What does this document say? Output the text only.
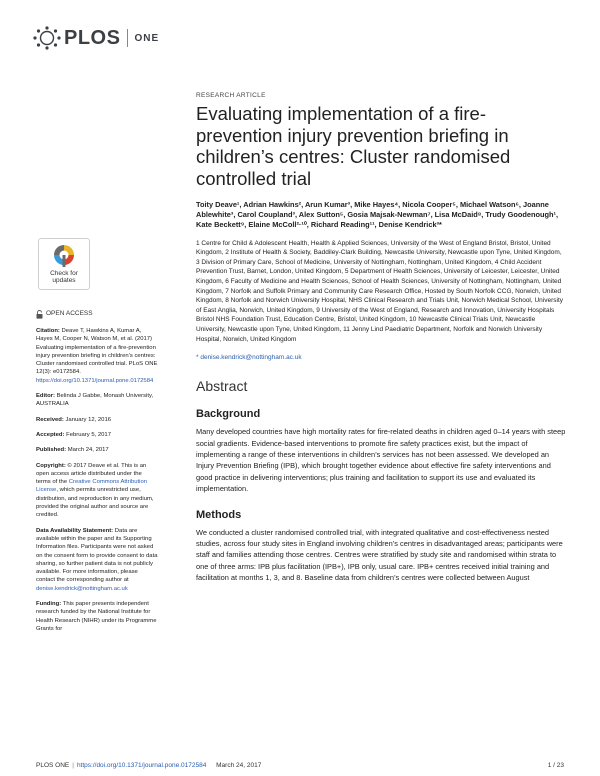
PLOS ONE
Check for
updates
OPEN ACCESS
Citation: Deave T, Hawkins A, Kumar A, Hayes M, Cooper N, Watson M, et al. (2017) Evaluating implementation of a fire-prevention injury prevention briefing in children’s centres: Cluster randomised controlled trial. PLoS ONE 12(3): e0172584. https://doi.org/10.1371/journal.pone.0172584
Editor: Belinda J Gabbe, Monash University, AUSTRALIA
Received: January 12, 2016
Accepted: February 5, 2017
Published: March 24, 2017
Copyright: © 2017 Deave et al. This is an open access article distributed under the terms of the Creative Commons Attribution License, which permits unrestricted use, distribution, and reproduction in any medium, provided the original author and source are credited.
Data Availability Statement: Data are available within the paper and its Supporting Information files. Participants were not asked on the consent form to provide consent to data sharing, so further patient data is not publicly available. For more information, please contact the corresponding author at denise.kendrick@nottingham.ac.uk
Funding: This paper presents independent research funded by the National Institute for Health Research (NIHR) under its Programme Grants for
RESEARCH ARTICLE
Evaluating implementation of a fire-prevention injury prevention briefing in children’s centres: Cluster randomised controlled trial
Toity Deave¹, Adrian Hawkins², Arun Kumar³, Mike Hayes⁴, Nicola Cooper⁵, Michael Watson⁶, Joanne Ablewhite³, Carol Coupland³, Alex Sutton⁵, Gosia Majsak-Newman⁷, Lisa McDaid⁸, Trudy Goodenough¹, Kate Beckett⁹, Elaine McColl²·¹⁰, Richard Reading¹¹, Denise Kendrick³*
1 Centre for Child & Adolescent Health, Health & Applied Sciences, University of the West of England Bristol, Bristol, United Kingdom, 2 Institute of Health & Society, Baddiley-Clark Building, Newcastle University, Newcastle upon Tyne, United Kingdom, 3 Division of Primary Care, School of Medicine, University of Nottingham, Nottingham, United Kingdom, 4 Child Accident Prevention Trust, Barnet, London, United Kingdom, 5 Department of Health Sciences, University of Leicester, Leicester, United Kingdom, 6 Faculty of Medicine and Health Sciences, School of Health Sciences, University of Nottingham, Nottingham, United Kingdom, 7 Norfolk and Suffolk Primary and Community Care Research Office, Hosted by South Norfolk CCG, Norwich, United Kingdom, 8 Norfolk and Norwich University Hospital, NHS Clinical Research and Trials Unit, Norwich Medical School, University of East Anglia, Norwich, United Kingdom, 9 University of the West of England, Research and Innovation, University Hospitals Bristol NHS Foundation Trust, Education Centre, Bristol, United Kingdom, 10 Newcastle Clinical Trials Unit, Newcastle University, Newcastle upon Tyne, United Kingdom, 11 Jenny Lind Paediatric Department, Norfolk and Norwich University Hospital, Norwich, United Kingdom
* denise.kendrick@nottingham.ac.uk
Abstract
Background
Many developed countries have high mortality rates for fire-related deaths in children aged 0–14 years with steep social gradients. Evidence-based interventions to promote fire safety practices exist, but the impact of implementing a range of these interventions in children’s services has not been assessed. We developed an Injury Prevention Briefing (IPB), which brought together evidence about effective fire safety interventions and good practice in delivering interventions; plus training and facilitation to support its use and evaluated its implementation.
Methods
We conducted a cluster randomised controlled trial, with integrated qualitative and cost-effectiveness nested studies, across four study sites in England involving children’s centres in disadvantaged areas; participants were staff and families attending those centres. Centres were stratified by study site and randomised within strata to one of three arms: IPB plus facilitation (IPB+), IPB only, usual care. IPB+ centres received initial training and facilitation at months 1, 3, and 8. Baseline data from children’s centres were collected between August
PLOS ONE | https://doi.org/10.1371/journal.pone.0172584 March 24, 2017	1 / 23
